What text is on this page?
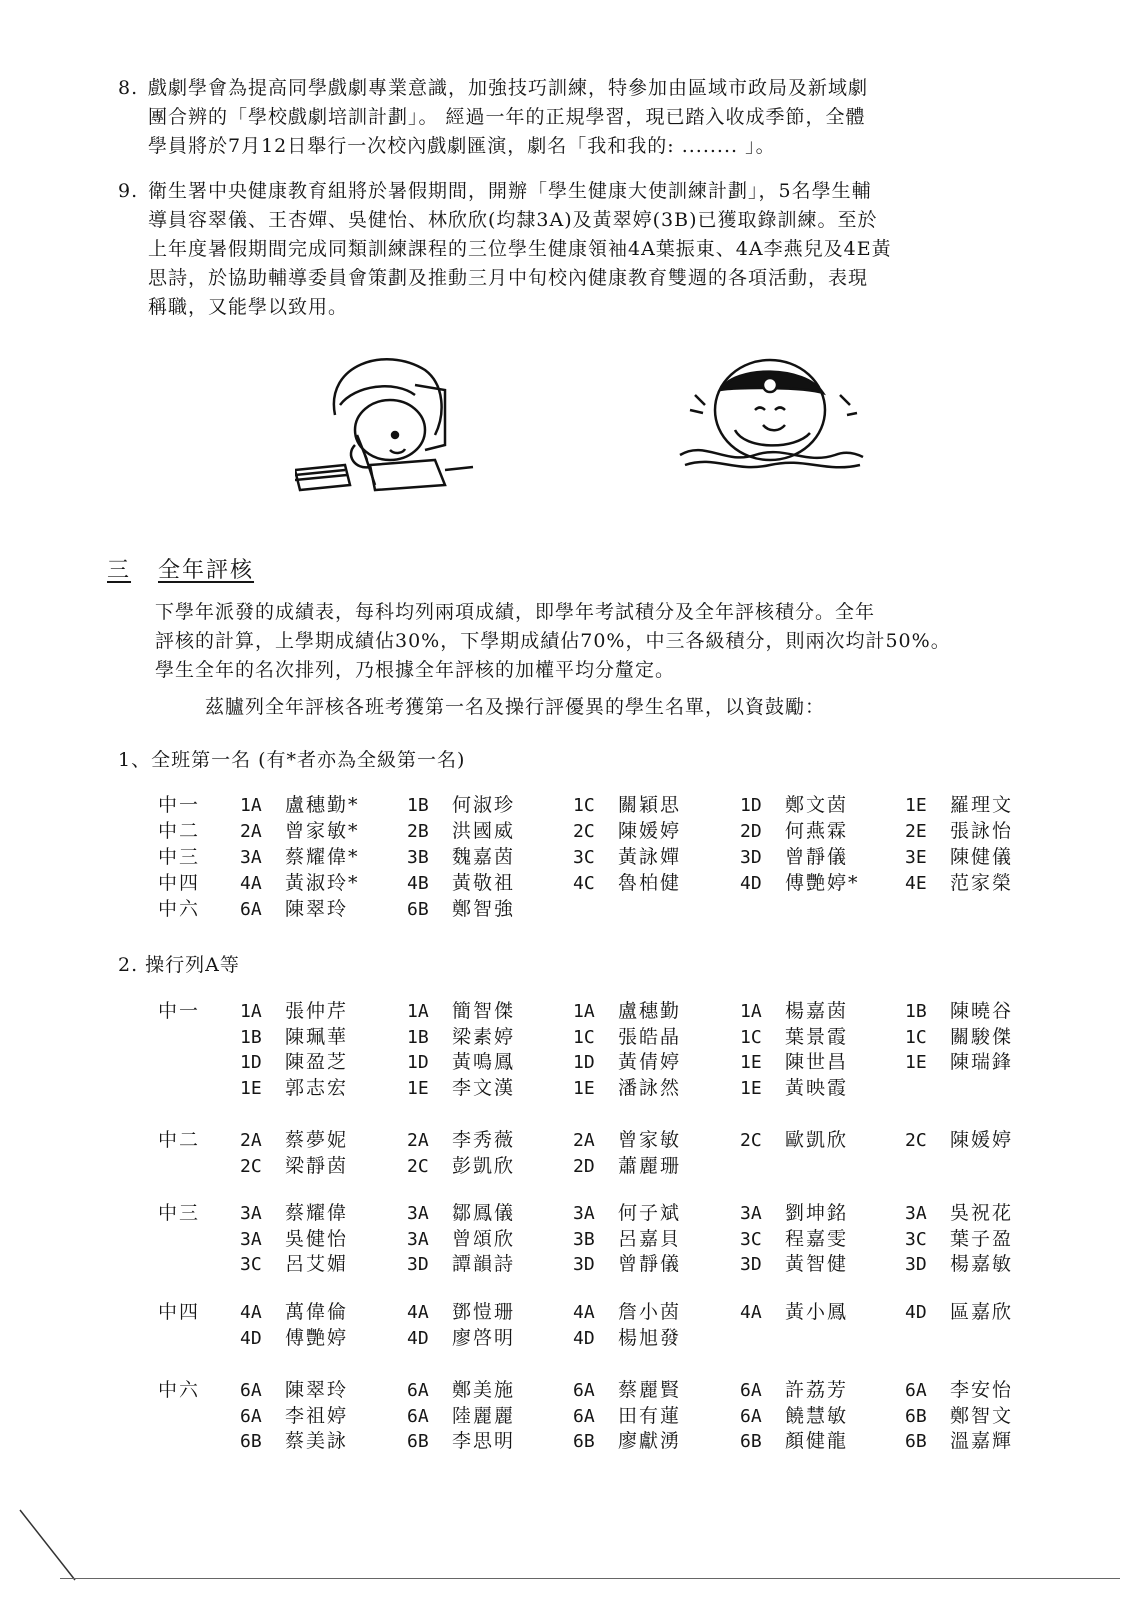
8. 戲劇學會為提高同學戲劇專業意識，加強技巧訓練，特參加由區域市政局及新域劇
團合辨的「學校戲劇培訓計劃」。 經過一年的正規學習，現已踏入收成季節，全體
學員將於7月12日舉行一次校內戲劇匯演，劇名「我和我的: ........ 」。
9. 衛生署中央健康教育組將於暑假期間，開辦「學生健康大使訓練計劃」，5名學生輔
導員容翠儀、王杏嬋、吳健怡、林欣欣(均隸3A)及黃翠婷(3B)已獲取錄訓練。至於
上年度暑假期間完成同類訓練課程的三位學生健康領袖4A葉振東、4A李燕兒及4E黃
思詩，於協助輔導委員會策劃及推動三月中旬校內健康教育雙週的各項活動，表現
稱職，又能學以致用。
三 全年評核
下學年派發的成績表，每科均列兩項成績，即學年考試積分及全年評核積分。全年
評核的計算，上學期成績佔30%，下學期成績佔70%，中三各級積分，則兩次均計50%。
學生全年的名次排列，乃根據全年評核的加權平均分釐定。
茲臚列全年評核各班考獲第一名及操行評優異的學生名單，以資鼓勵：
1、全班第一名 (有*者亦為全級第一名)
2. 操行列A等
中一 1A 盧穗勤*	1B 何淑珍	1C 關穎思	1D 鄭文茵	1E 羅理文
中二 2A 曾家敏*	2B 洪國威	2C 陳媛婷	2D 何燕霖	2E 張詠怡
中三 3A 蔡耀偉*	3B 魏嘉茵	3C 黃詠嬋	3D 曾靜儀	3E 陳健儀
中四 4A 黃淑玲*	4B 黃敬祖	4C 魯柏健	4D 傅艷婷*	4E 范家榮
中六 6A 陳翠玲	6B 鄭智強
中一 1A 張仲芹	1A 簡智傑	1A 盧穗勤	1A 楊嘉茵	1B 陳曉谷
1B 陳珮華	1B 梁素婷	1C 張皓晶	1C 葉景霞	1C 關駿傑
1D 陳盈芝	1D 黃鳴鳳	1D 黃倩婷	1E 陳世昌	1E 陳瑞鋒
1E 郭志宏	1E 李文漢	1E 潘詠然	1E 黃映霞
中二 2A 蔡夢妮	2A 李秀薇	2A 曾家敏	2C 歐凱欣	2C 陳媛婷
2C 梁靜茵	2C 彭凱欣	2D 蕭麗珊
中三 3A 蔡耀偉	3A 鄒鳳儀	3A 何子斌	3A 劉坤銘	3A 吳祝花
3A 吳健怡	3A 曾頌欣	3B 呂嘉貝	3C 程嘉雯	3C 葉子盈
3C 呂艾媚	3D 譚韻詩	3D 曾靜儀	3D 黃智健	3D 楊嘉敏
中四 4A 萬偉倫	4A 鄧愷珊	4A 詹小茵	4A 黃小鳳	4D 區嘉欣
4D 傅艷婷	4D 廖啓明	4D 楊旭發
中六 6A 陳翠玲	6A 鄭美施	6A 蔡麗賢	6A 許荔芳	6A 李安怡
6A 李祖婷	6A 陸麗麗	6A 田有蓮	6A 饒慧敏	6B 鄭智文
6B 蔡美詠	6B 李思明	6B 廖獻湧	6B 顏健龍	6B 溫嘉輝
